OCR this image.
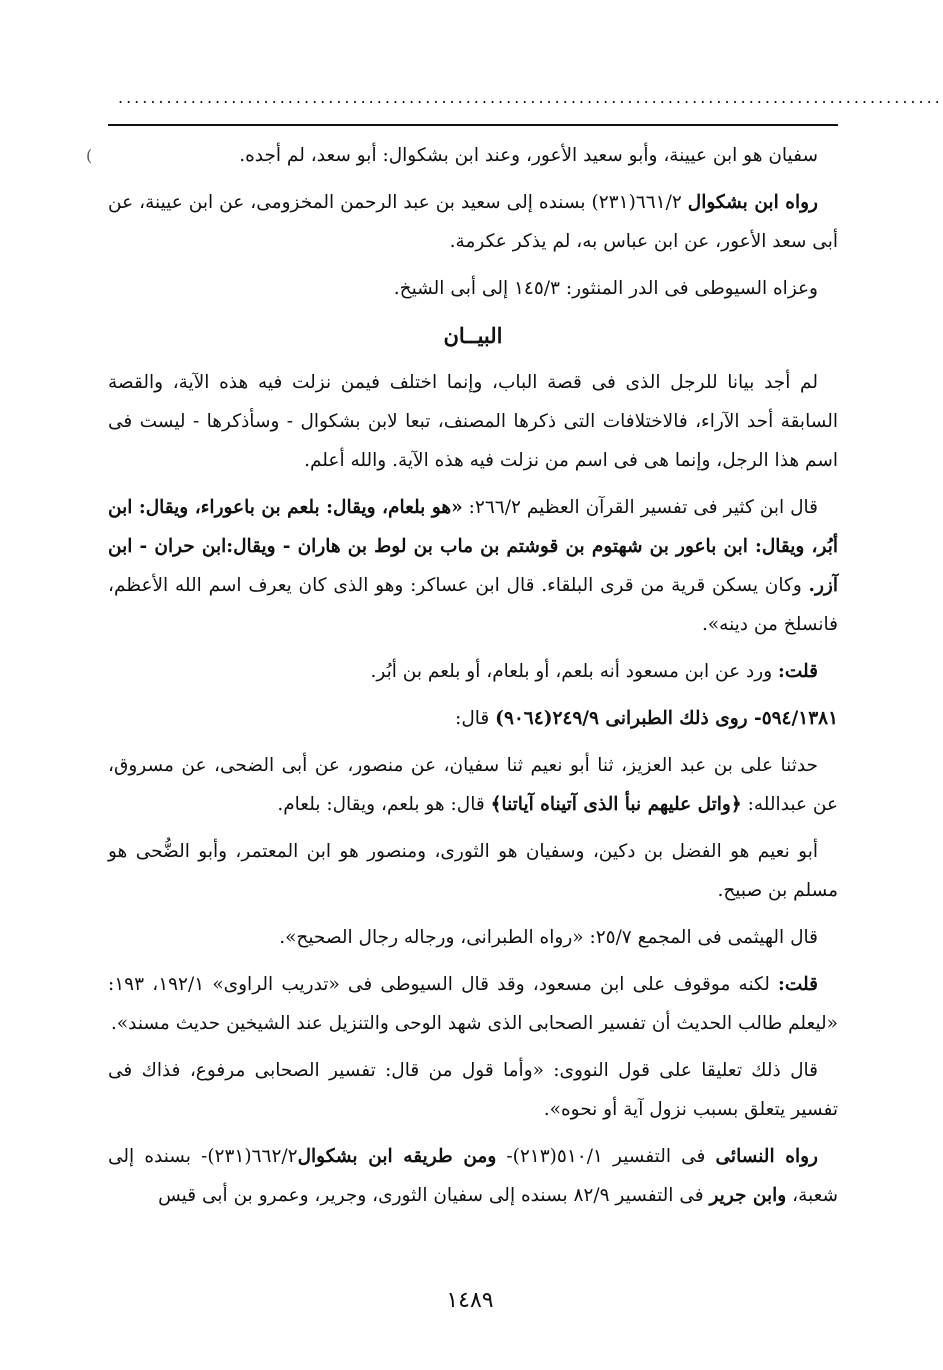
......................................................................................................
(	سفيان هو ابن عيينة، وأبو سعيد الأعور، وعند ابن بشكوال: أبو سعد، لم أجده.

رواه ابن بشكوال ٦٦١/٢(٢٣١) بسنده إلى سعيد بن عبد الرحمن المخزومى، عن ابن عيينة، عن أبى سعد الأعور، عن ابن عباس به، لم يذكر عكرمة.

وعزاه السيوطى فى الدر المنثور: ١٤٥/٣ إلى أبى الشيخ.

البيــان

لم أجد بيانا للرجل الذى فى قصة الباب، وإنما اختلف فيمن نزلت فيه هذه الآية، والقصة السابقة أحد الآراء، فالاختلافات التى ذكرها المصنف، تبعا لابن بشكوال - وسأذكرها - ليست فى اسم هذا الرجل، وإنما هى فى اسم من نزلت فيه هذه الآية. والله أعلم.

قال ابن كثير فى تفسير القرآن العظيم ٢٦٦/٢: «هو بلعام، ويقال: بلعم بن باعوراء، ويقال: ابن أبُر، ويقال: ابن باعور بن شهتوم بن قوشتم بن ماب بن لوط بن هاران - ويقال:ابن حران - ابن آزر. وكان يسكن قرية من قرى البلقاء. قال ابن عساكر: وهو الذى كان يعرف اسم الله الأعظم، فانسلخ من دينه».

قلت: ورد عن ابن مسعود أنه بلعم، أو بلعام، أو بلعم بن أبُر.

٥٩٤/١٣٨١- روى ذلك الطبرانى ٢٤٩/٩(٩٠٦٤) قال:

حدثنا على بن عبد العزيز، ثنا أبو نعيم ثنا سفيان، عن منصور، عن أبى الضحى، عن مسروق، عن عبدالله: ﴿واتل عليهم نبأ الذى آتيناه آياتنا﴾ قال: هو بلعم، ويقال: بلعام.

أبو نعيم هو الفضل بن دكين، وسفيان هو الثورى، ومنصور هو ابن المعتمر، وأبو الضُّحى هو مسلم بن صبيح.

قال الهيثمى فى المجمع ٢٥/٧: «رواه الطبرانى، ورجاله رجال الصحيح».

قلت: لكنه موقوف على ابن مسعود، وقد قال السيوطى فى «تدريب الراوى» ١٩٢/١، ١٩٣: «ليعلم طالب الحديث أن تفسير الصحابى الذى شهد الوحى والتنزيل عند الشيخين حديث مسند».

قال ذلك تعليقا على قول النووى: «وأما قول من قال: تفسير الصحابى مرفوع، فذاك فى تفسير يتعلق بسبب نزول آية أو نحوه».

رواه النسائى فى التفسير ٥١٠/١(٢١٣)- ومن طريقه ابن بشكوال٦٦٢/٢(٢٣١)- بسنده إلى شعبة، وابن جرير فى التفسير ٨٢/٩ بسنده إلى سفيان الثورى، وجرير، وعمرو بن أبى قيس

١٤٨٩
